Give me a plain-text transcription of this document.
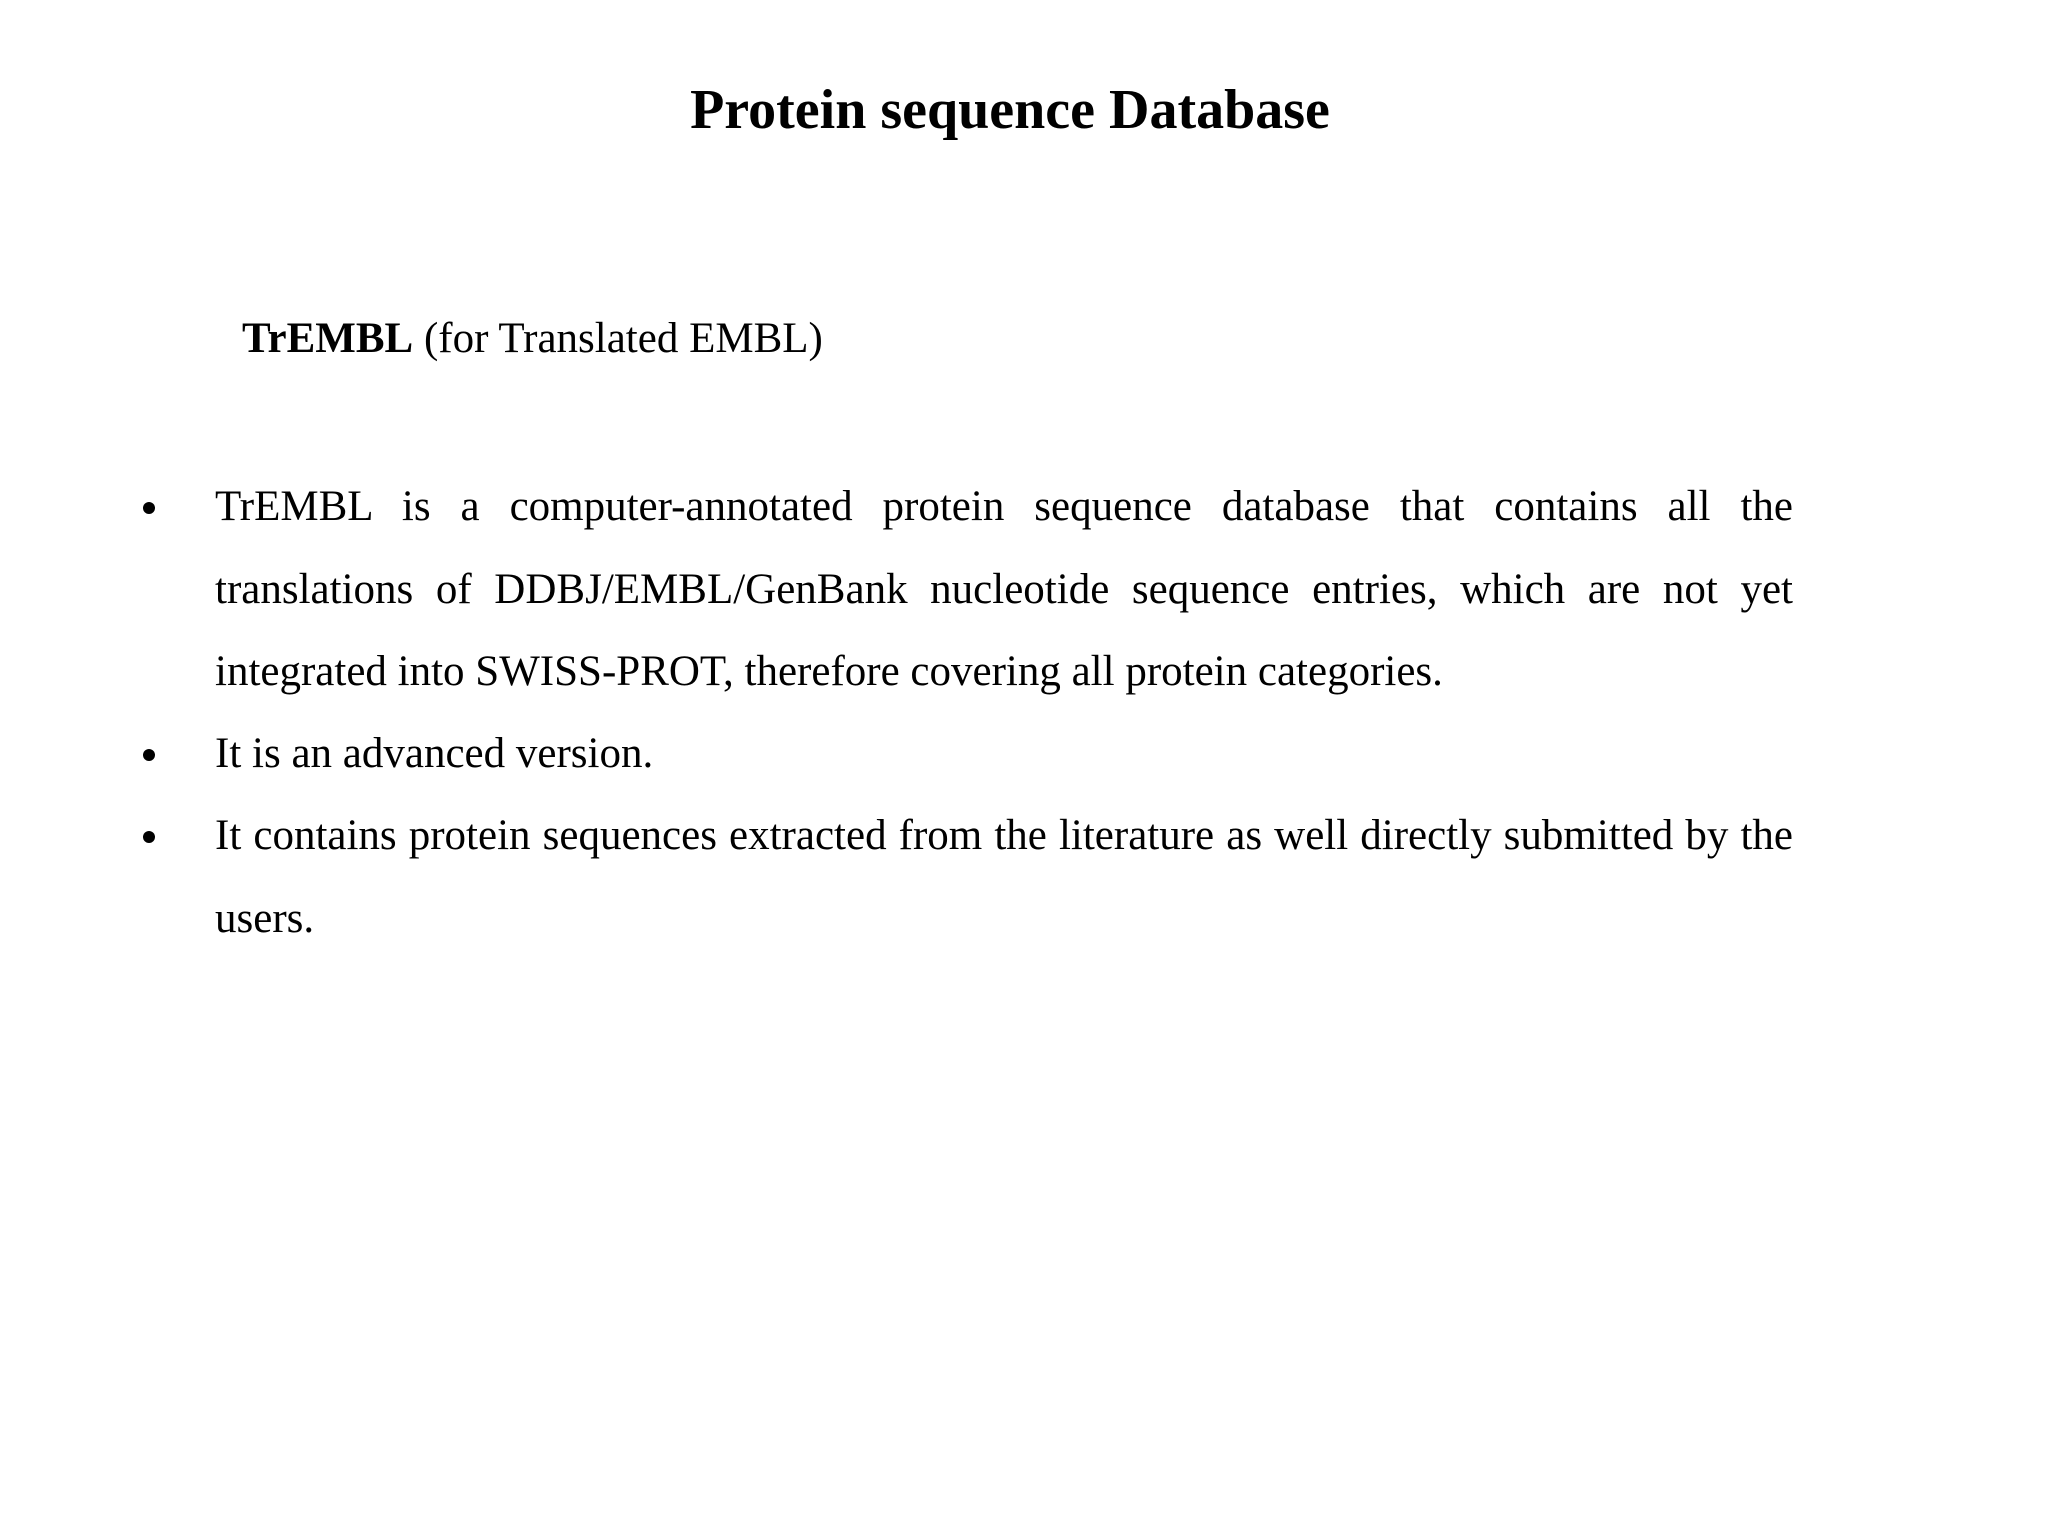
Protein sequence Database

TrEMBL (for Translated EMBL)

TrEMBL is a computer-annotated protein sequence database that contains all the translations of DDBJ/EMBL/GenBank nucleotide sequence entries, which are not yet integrated into SWISS-PROT, therefore covering all protein categories.

It is an advanced version.

It contains protein sequences extracted from the literature as well directly submitted by the users.
